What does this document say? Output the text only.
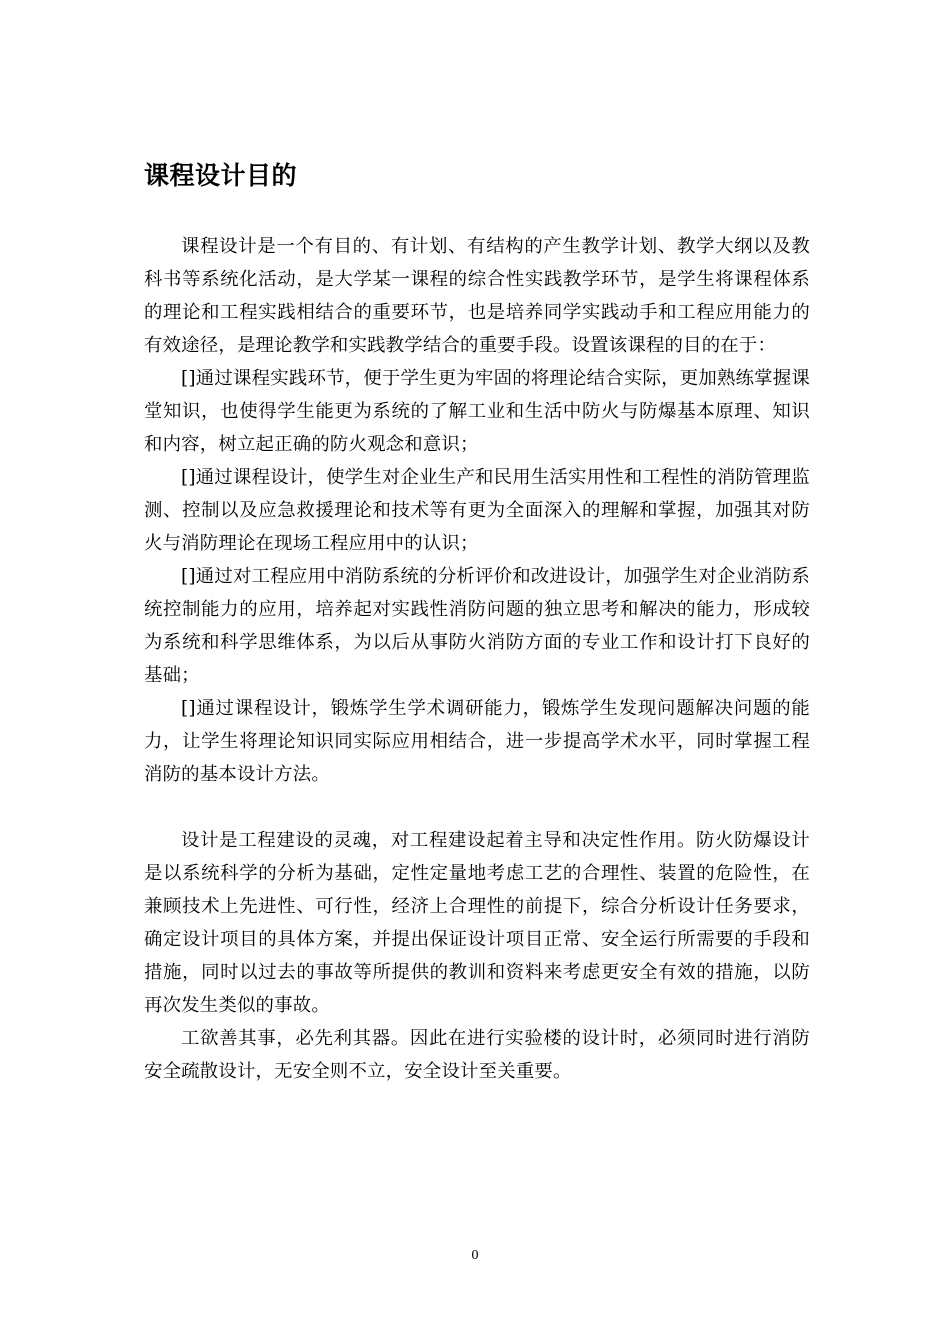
课程设计目的

课程设计是一个有目的、有计划、有结构的产生教学计划、教学大纲以及教科书等系统化活动，是大学某一课程的综合性实践教学环节，是学生将课程体系的理论和工程实践相结合的重要环节，也是培养同学实践动手和工程应用能力的有效途径，是理论教学和实践教学结合的重要手段。设置该课程的目的在于：

[]通过课程实践环节，便于学生更为牢固的将理论结合实际，更加熟练掌握课堂知识，也使得学生能更为系统的了解工业和生活中防火与防爆基本原理、知识和内容，树立起正确的防火观念和意识；

[]通过课程设计，使学生对企业生产和民用生活实用性和工程性的消防管理监测、控制以及应急救援理论和技术等有更为全面深入的理解和掌握，加强其对防火与消防理论在现场工程应用中的认识；

[]通过对工程应用中消防系统的分析评价和改进设计，加强学生对企业消防系统控制能力的应用，培养起对实践性消防问题的独立思考和解决的能力，形成较为系统和科学思维体系，为以后从事防火消防方面的专业工作和设计打下良好的基础；

[]通过课程设计，锻炼学生学术调研能力，锻炼学生发现问题解决问题的能力，让学生将理论知识同实际应用相结合，进一步提高学术水平，同时掌握工程消防的基本设计方法。

设计是工程建设的灵魂，对工程建设起着主导和决定性作用。防火防爆设计是以系统科学的分析为基础，定性定量地考虑工艺的合理性、装置的危险性，在兼顾技术上先进性、可行性，经济上合理性的前提下，综合分析设计任务要求，确定设计项目的具体方案，并提出保证设计项目正常、安全运行所需要的手段和措施，同时以过去的事故等所提供的教训和资料来考虑更安全有效的措施，以防再次发生类似的事故。

工欲善其事，必先利其器。因此在进行实验楼的设计时，必须同时进行消防安全疏散设计，无安全则不立，安全设计至关重要。

0
